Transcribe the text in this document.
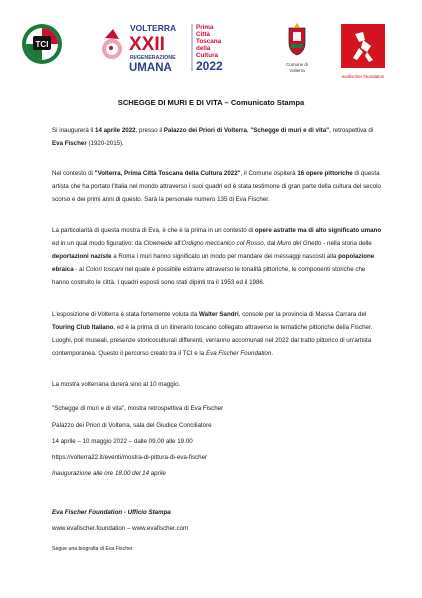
TCI
VOLTERRA
XXII
RI/GENERAZIONE
UMANA
Prima
Città
Toscana
della
Cultura
2022	Comune di
Volterra
evafischer foundation
SCHEGGE DI MURI E DI VITA – Comunicato Stampa
Si inaugurerà il 14 aprile 2022, presso il Palazzo dei Priori di Volterra, "Schegge di muri e di vita", retrospettiva di Eva Fischer (1920-2015).
Nel contesto di "Volterra, Prima Città Toscana della Cultura 2022", il Comune ospiterà 16 opere pittoriche di questa artista che ha portato l'Italia nel mondo attraverso i suoi quadri ed è stata testimone di gran parte della cultura del secolo scorso e dei primi anni di questo. Sarà la personale numero 135 di Eva Fischer.
La particolarità di questa mostra di Eva, è che è la prima in un contesto di opere astratte ma di alto significato umano ed in un qual modo figurativo: da Clowneide all'Ordigno meccanico col Rosso, dal Muro del Ghetto - nella storia delle deportazioni naziste a Roma i muri hanno significato un modo per mandare dei messaggi nascosti alla popolazione ebraica - ai Colori toscani nel quale è possibile estrarre attraverso le tonalità pittoriche, le componenti storiche che hanno costruito le città. I quadri esposti sono stati dipinti tra il 1953 ed il 1986.
L'esposizione di Volterra è stata fortemente voluta da Walter Sandri, console per la provincia di Massa Carrara del Touring Club Italiano, ed è la prima di un itinerario toscano collegato attraverso le tematiche pittoriche della Fischer. Luoghi, poli museali, presenze storicoculturali differenti, verranno accomunati nel 2022 dal tratto pittorico di un'artista contemporanea. Questo il percorso creato tra il TCI e la Eva Fischer Foundation.
La mostra volterrana durerà sino al 10 maggio.
"Schegge di muri e di vita", mostra retrospettiva di Eva Fischer
Palazzo dei Priori di Volterra, sala del Giudice Conciliatore
14 aprile – 10 maggio 2022 – dalle 09.00 alle 19.00
https://volterra22.it/eventi/mostra-di-pittura-di-eva-fischer
Inaugurazione alle ore 18.00 del 14 aprile
Eva Fischer Foundation - Ufficio Stampa
www.evafischer.foundation – www.evafischer.com
Segue una biografia di Eva Fischer
